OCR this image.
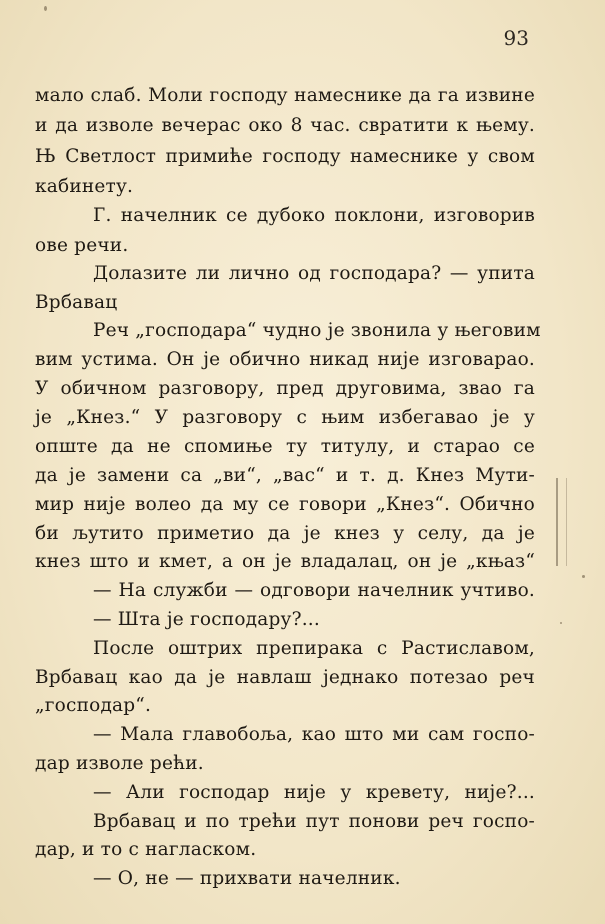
93
мало слаб. Моли господу намеснике да га извине
и да изволе вечерас око 8 час. свратити к њему.
Њ Светлост примиће господу намеснике у свом
кабинету.
Г. начелник се дубоко поклони, изговорив
ове речи.
Долазите ли лично од господара? — упита
Врбавац
Реч „господара“ чудно је звонила у његовим
вим устима. Он је обично никад није изговарао.
У обичном разговору, пред друговима, звао га
је „Кнез.“ У разговору с њим избегавао је у
опште да не спомиње ту титулу, и старао се
да је замени са „ви“, „вас“ и т. д. Кнез Мути-
мир није волео да му се говори „Кнез“. Обично
би љутито приметио да је кнез у селу, да је
кнез што и кмет, а он је владалац, он је „књаз“
— На служби — одговори начелник учтиво.
— Шта је господару?...
После оштрих препирака с Растиславом,
Врбавац као да је навлаш једнако потезао реч
„господар“.
— Мала главобоља, као што ми сам госпо-
дар изволе рећи.
— Али господар није у кревету, није?...
Врбавац и по трећи пут понови реч госпо-
дар, и то с нагласком.
— О, не — прихвати начелник.
